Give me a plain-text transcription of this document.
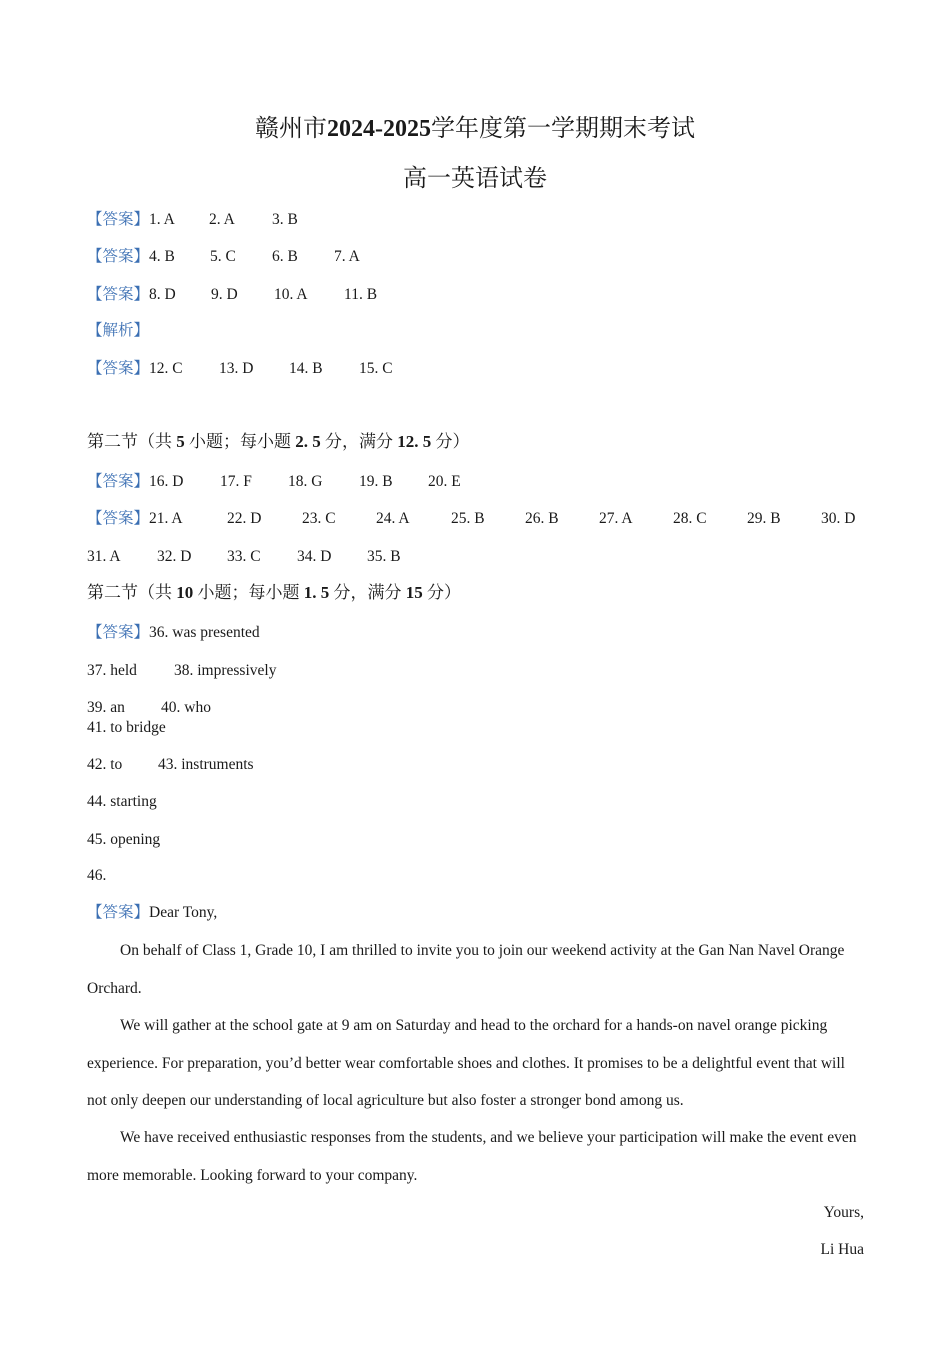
赣州市2024-2025学年度第一学期期末考试
高一英语试卷
【答案】1. A 2. A 3. B
【答案】4. B 5. C 6. B 7. A
【答案】8. D 9. D 10. A 11. B
【解析】
【答案】12. C 13. D 14. B 15. C
第二节（共 5 小题；每小题 2. 5 分，满分 12. 5 分）
【答案】16. D 17. F 18. G 19. B 20. E
【答案】21. A	22. D	23. C	24. A	25. B	26. B	27. A	28. C	29. B	30. D
31. A 32. D 33. C 34. D 35. B
第二节（共 10 小题；每小题 1. 5 分，满分 15 分）
【答案】36. was presented
37. held 38. impressively
39. an 40. who
41. to bridge
42. to 43. instruments
44. starting
45. opening
46.
【答案】Dear Tony,
On behalf of Class 1, Grade 10, I am thrilled to invite you to join our weekend activity at the Gan Nan Navel Orange Orchard.
We will gather at the school gate at 9 am on Saturday and head to the orchard for a hands-on navel orange picking experience. For preparation, you’d better wear comfortable shoes and clothes. It promises to be a delightful event that will not only deepen our understanding of local agriculture but also foster a stronger bond among us.
We have received enthusiastic responses from the students, and we believe your participation will make the event even more memorable. Looking forward to your company.
Yours,
Li Hua
